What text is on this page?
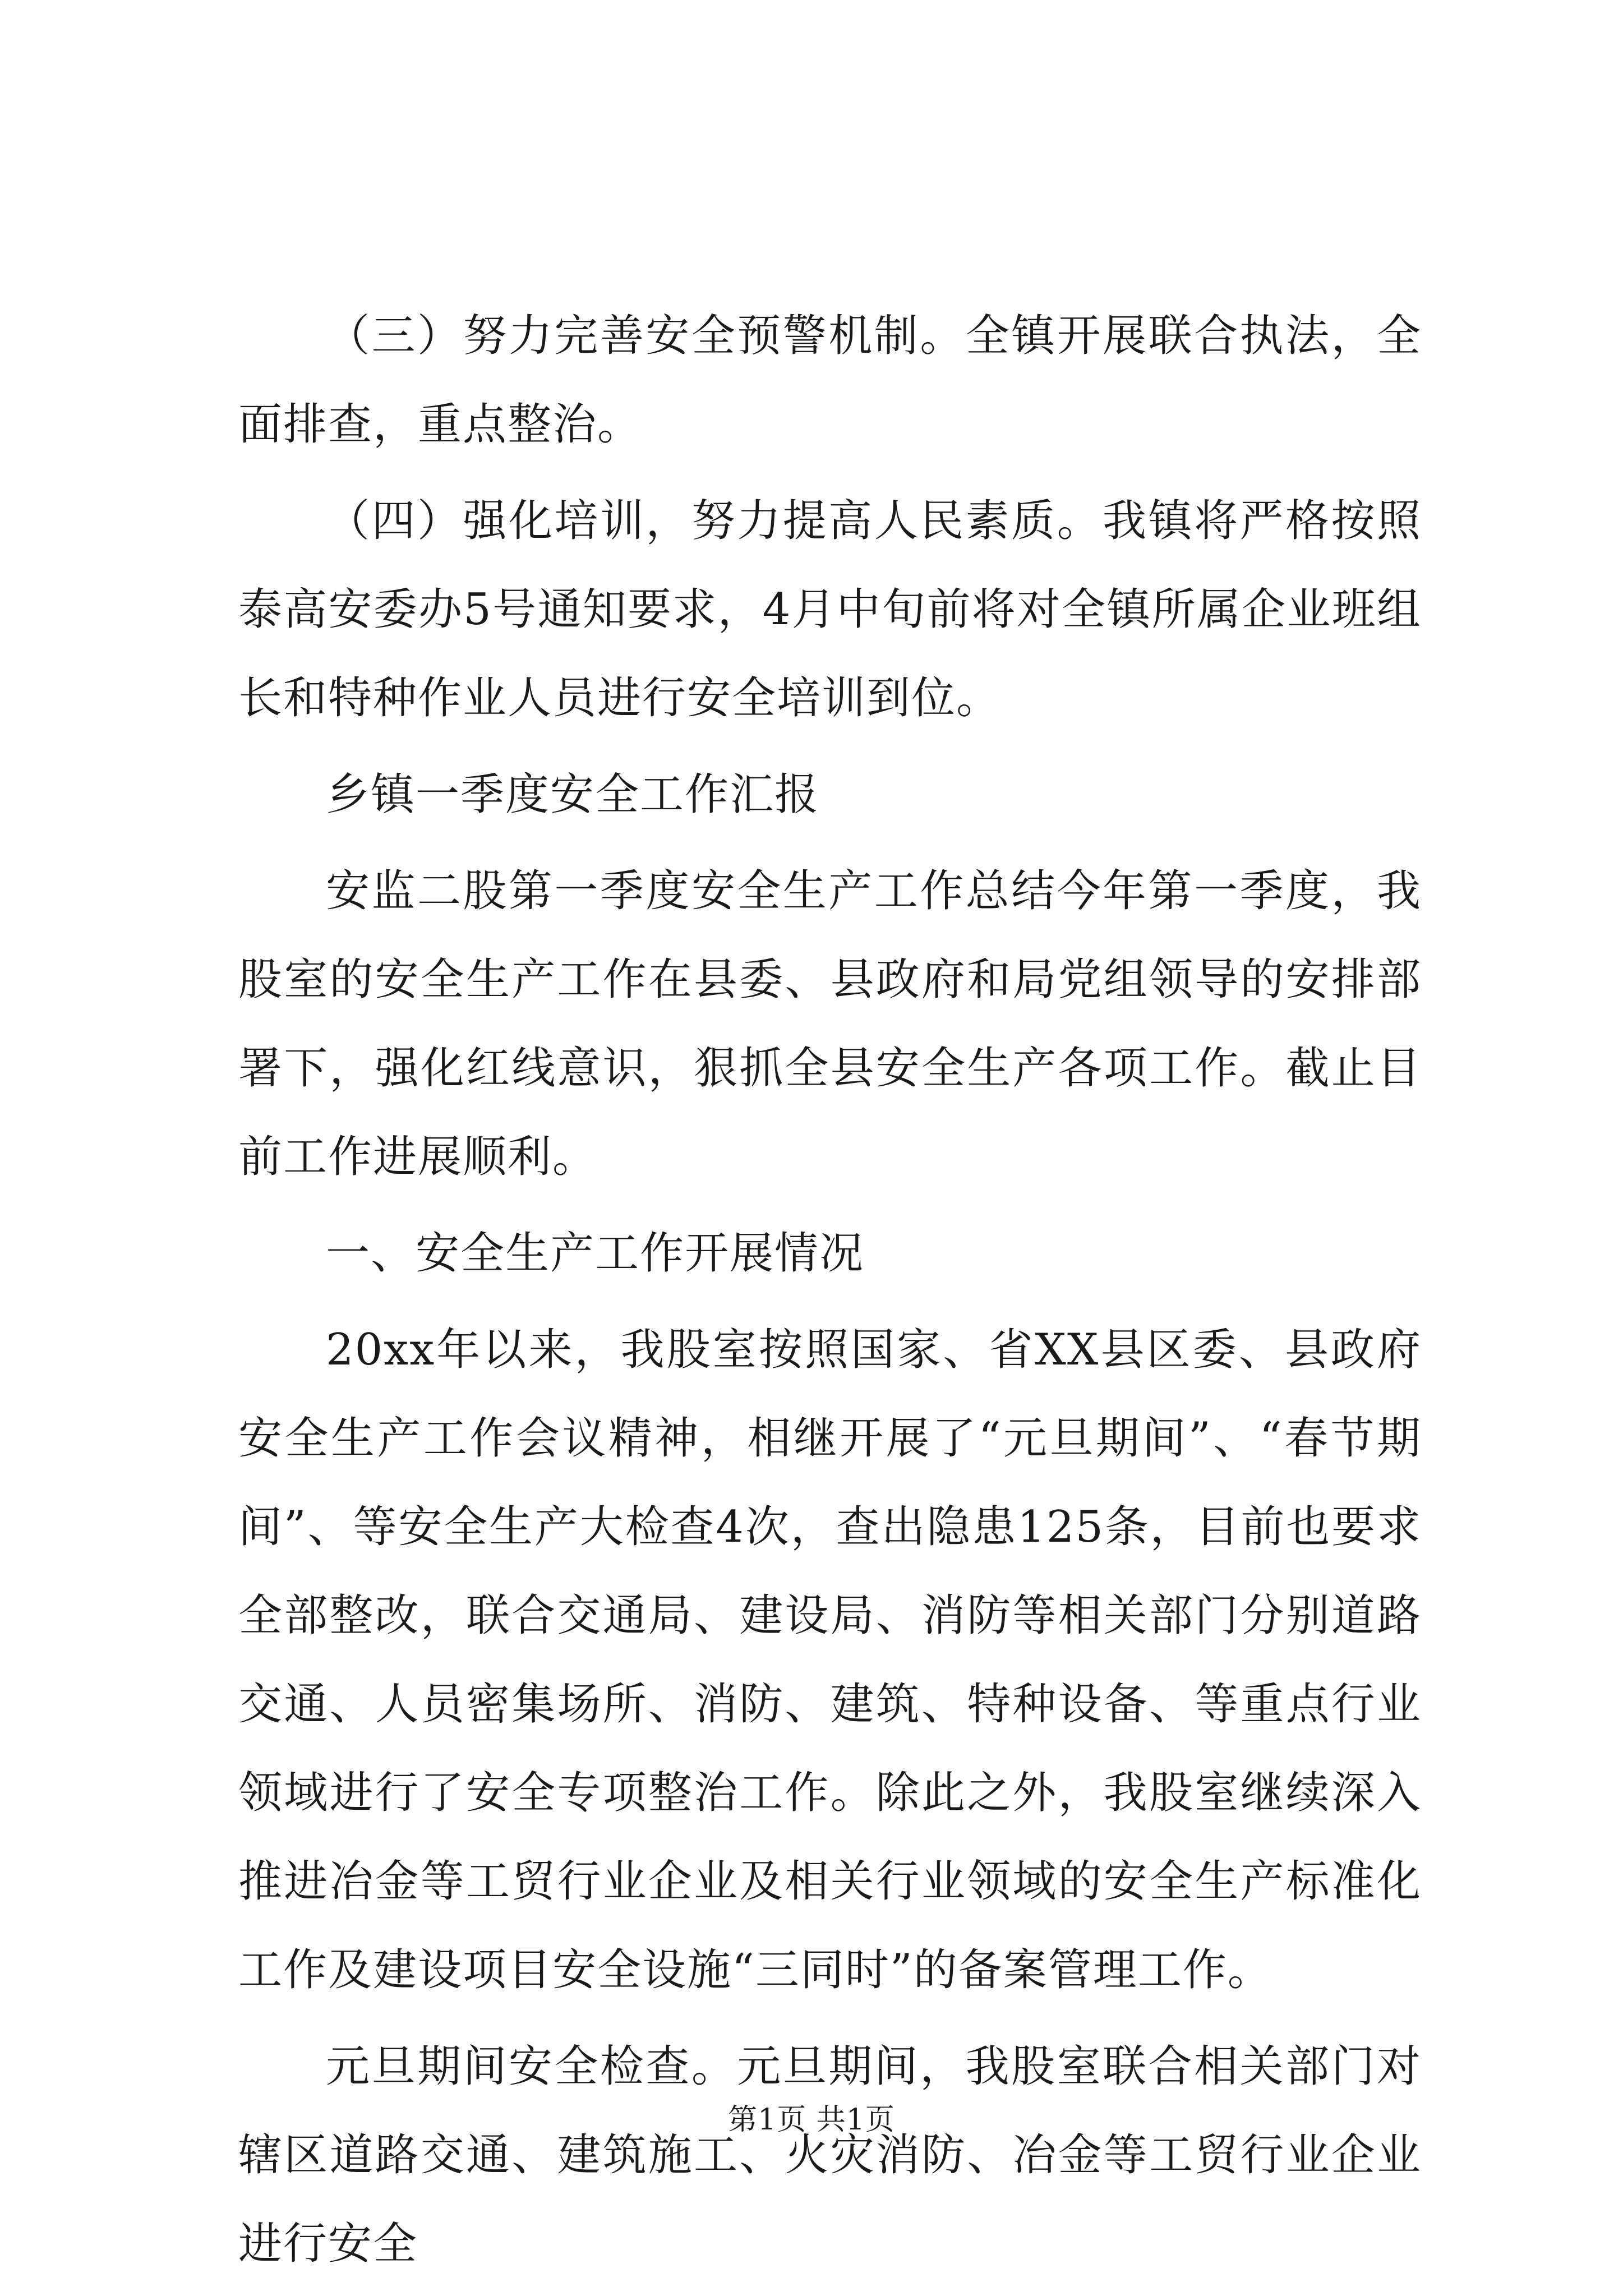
（三）努力完善安全预警机制。全镇开展联合执法，全面排查，重点整治。

（四）强化培训，努力提高人民素质。我镇将严格按照泰高安委办5号通知要求，4月中旬前将对全镇所属企业班组长和特种作业人员进行安全培训到位。

乡镇一季度安全工作汇报

安监二股第一季度安全生产工作总结今年第一季度，我股室的安全生产工作在县委、县政府和局党组领导的安排部署下，强化红线意识，狠抓全县安全生产各项工作。截止目前工作进展顺利。

一、安全生产工作开展情况

20xx年以来，我股室按照国家、省XX县区委、县政府安全生产工作会议精神，相继开展了“元旦期间”、“春节期间”、等安全生产大检查4次，查出隐患125条，目前也要求全部整改，联合交通局、建设局、消防等相关部门分别道路交通、人员密集场所、消防、建筑、特种设备、等重点行业领域进行了安全专项整治工作。除此之外，我股室继续深入推进冶金等工贸行业企业及相关行业领域的安全生产标准化工作及建设项目安全设施“三同时”的备案管理工作。

元旦期间安全检查。元旦期间，我股室联合相关部门对辖区道路交通、建筑施工、火灾消防、冶金等工贸行业企业进行安全

第1页 共1页
